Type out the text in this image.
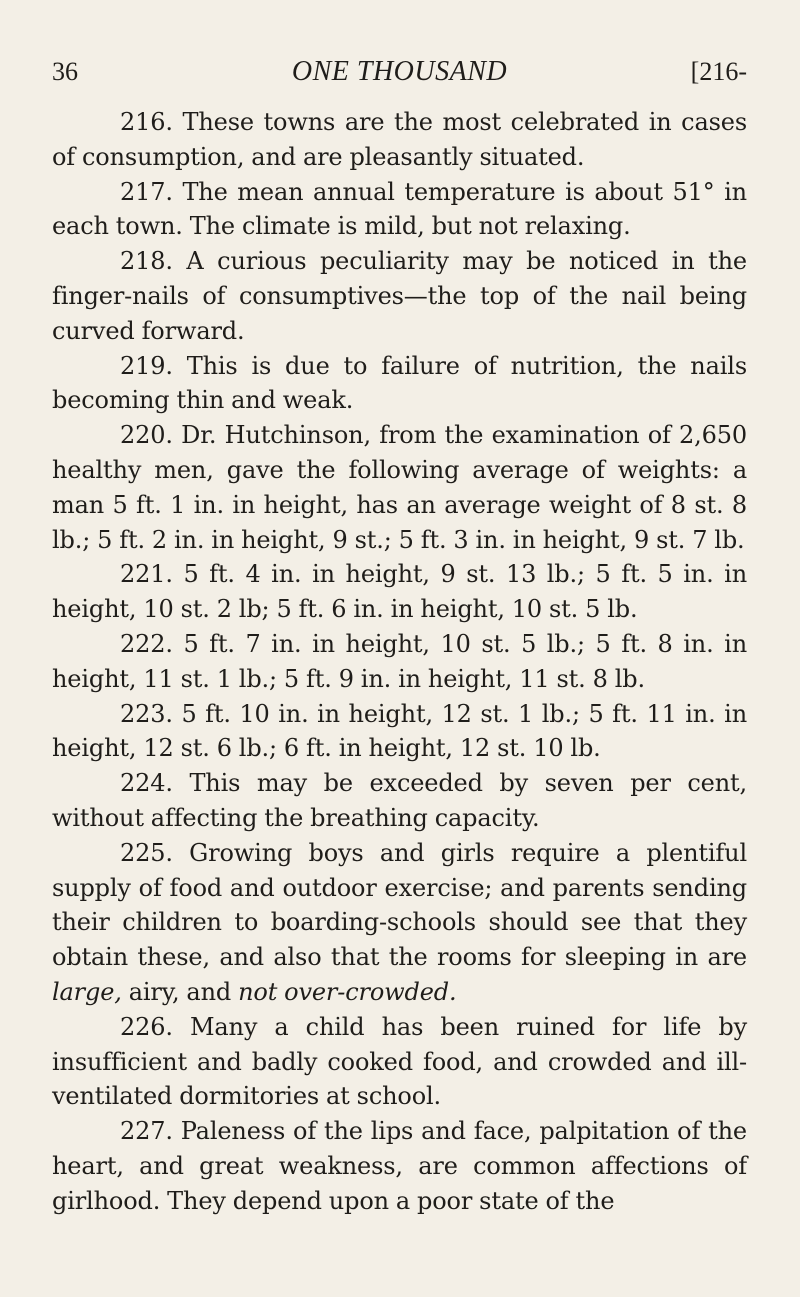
36	ONE THOUSAND	[216-

216. These towns are the most celebrated in cases of consumption, and are pleasantly situated.

217. The mean annual temperature is about 51° in each town. The climate is mild, but not relaxing.

218. A curious peculiarity may be noticed in the finger-nails of consumptives—the top of the nail being curved forward.

219. This is due to failure of nutrition, the nails becoming thin and weak.

220. Dr. Hutchinson, from the examination of 2,650 healthy men, gave the following average of weights: a man 5 ft. 1 in. in height, has an average weight of 8 st. 8 lb.; 5 ft. 2 in. in height, 9 st.; 5 ft. 3 in. in height, 9 st. 7 lb.

221. 5 ft. 4 in. in height, 9 st. 13 lb.; 5 ft. 5 in. in height, 10 st. 2 lb; 5 ft. 6 in. in height, 10 st. 5 lb.

222. 5 ft. 7 in. in height, 10 st. 5 lb.; 5 ft. 8 in. in height, 11 st. 1 lb.; 5 ft. 9 in. in height, 11 st. 8 lb.

223. 5 ft. 10 in. in height, 12 st. 1 lb.; 5 ft. 11 in. in height, 12 st. 6 lb.; 6 ft. in height, 12 st. 10 lb.

224. This may be exceeded by seven per cent, without affecting the breathing capacity.

225. Growing boys and girls require a plentiful supply of food and outdoor exercise; and parents sending their children to boarding-schools should see that they obtain these, and also that the rooms for sleeping in are large, airy, and not over-crowded.

226. Many a child has been ruined for life by insufficient and badly cooked food, and crowded and ill-ventilated dormitories at school.

227. Paleness of the lips and face, palpitation of the heart, and great weakness, are common affections of girlhood. They depend upon a poor state of the
